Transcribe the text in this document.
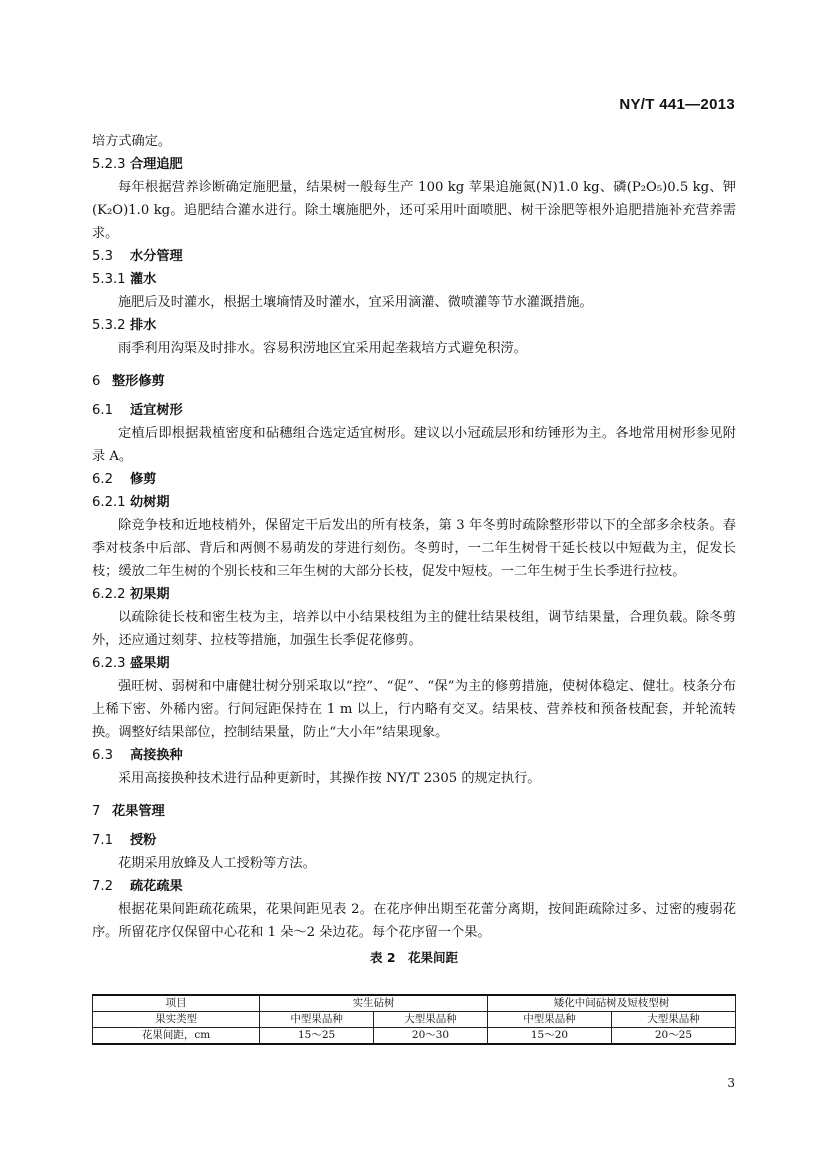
NY/T 441—2013

培方式确定。

5.2.3 合理追肥

每年根据营养诊断确定施肥量，结果树一般每生产 100 kg 苹果追施氮(N)1.0 kg、磷(P₂O₅)0.5 kg、钾(K₂O)1.0 kg。追肥结合灌水进行。除土壤施肥外，还可采用叶面喷肥、树干涂肥等根外追肥措施补充营养需求。

5.3 水分管理

5.3.1 灌水

施肥后及时灌水，根据土壤墒情及时灌水，宜采用滴灌、微喷灌等节水灌溉措施。

5.3.2 排水

雨季利用沟渠及时排水。容易积涝地区宜采用起垄栽培方式避免积涝。

6 整形修剪

6.1 适宜树形

定植后即根据栽植密度和砧穗组合选定适宜树形。建议以小冠疏层形和纺锤形为主。各地常用树形参见附录 A。

6.2 修剪

6.2.1 幼树期

除竞争枝和近地枝梢外，保留定干后发出的所有枝条，第 3 年冬剪时疏除整形带以下的全部多余枝条。春季对枝条中后部、背后和两侧不易萌发的芽进行刻伤。冬剪时，一二年生树骨干延长枝以中短截为主，促发长枝；缓放二年生树的个别长枝和三年生树的大部分长枝，促发中短枝。一二年生树于生长季进行拉枝。

6.2.2 初果期

以疏除徒长枝和密生枝为主，培养以中小结果枝组为主的健壮结果枝组，调节结果量，合理负载。除冬剪外，还应通过刻芽、拉枝等措施，加强生长季促花修剪。

6.2.3 盛果期

强旺树、弱树和中庸健壮树分别采取以“控”、“促”、“保”为主的修剪措施，使树体稳定、健壮。枝条分布上稀下密、外稀内密。行间冠距保持在 1 m 以上，行内略有交叉。结果枝、营养枝和预备枝配套，并轮流转换。调整好结果部位，控制结果量，防止“大小年”结果现象。

6.3 高接换种

采用高接换种技术进行品种更新时，其操作按 NY/T 2305 的规定执行。

7 花果管理

7.1 授粉

花期采用放蜂及人工授粉等方法。

7.2 疏花疏果

根据花果间距疏花疏果，花果间距见表 2。在花序伸出期至花蕾分离期，按间距疏除过多、过密的瘦弱花序。所留花序仅保留中心花和 1 朵～2 朵边花。每个花序留一个果。

表 2　花果间距
项目	实生砧树		矮化中间砧树及短枝型树	
果实类型	中型果品种	大型果品种	中型果品种	大型果品种
花果间距，cm	15～25	20～30	15～20	20～25
3
